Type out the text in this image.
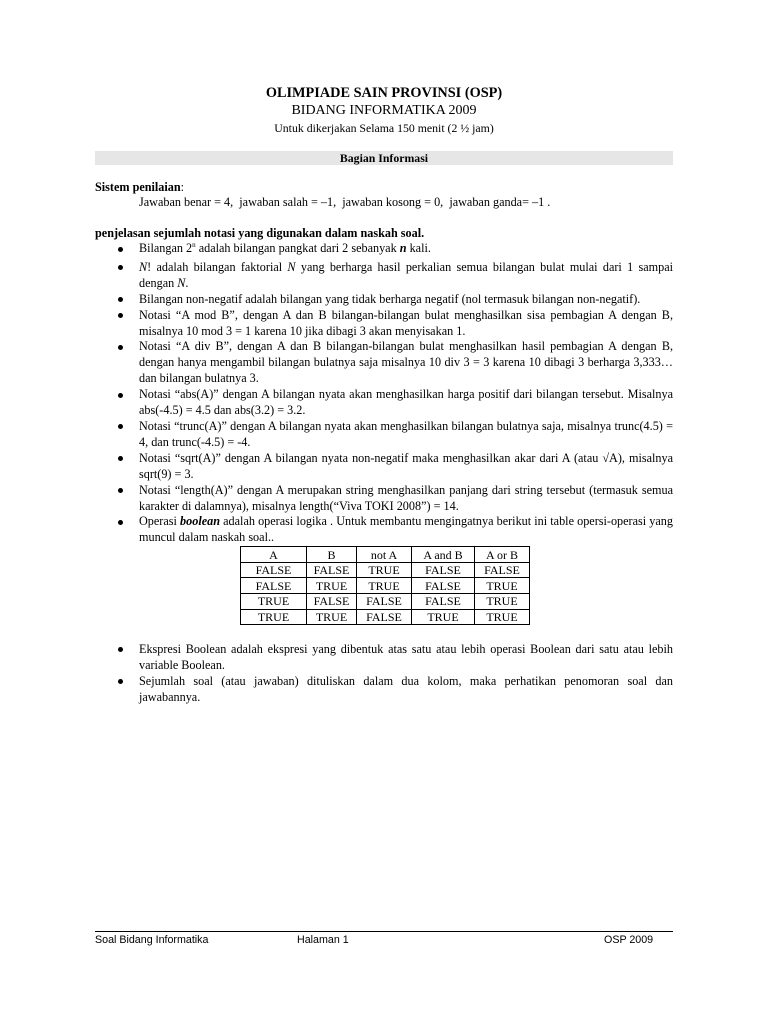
OLIMPIADE SAIN PROVINSI (OSP)
BIDANG INFORMATIKA 2009
Untuk dikerjakan Selama 150 menit (2 ½ jam)
Bagian Informasi
Sistem penilaian:
Jawaban benar = 4,  jawaban salah = –1,  jawaban kosong = 0,  jawaban ganda= –1 .
penjelasan sejumlah notasi yang digunakan dalam naskah soal.
Bilangan 2$^n$ adalah bilangan pangkat dari 2 sebanyak n kali.
N! adalah bilangan faktorial N yang berharga hasil perkalian semua bilangan bulat mulai dari 1 sampai dengan N.
Bilangan non-negatif adalah bilangan yang tidak berharga negatif (nol termasuk bilangan non-negatif).
Notasi “A mod B”, dengan A dan B bilangan-bilangan bulat menghasilkan sisa pembagian A dengan B, misalnya 10 mod 3 = 1 karena 10 jika dibagi 3 akan menyisakan 1.
Notasi “A div B”, dengan A dan B bilangan-bilangan bulat menghasilkan hasil pembagian A dengan B, dengan hanya mengambil bilangan bulatnya saja misalnya 10 div 3 = 3 karena 10 dibagi 3 berharga 3,333… dan bilangan bulatnya 3.
Notasi “abs(A)” dengan A bilangan nyata akan menghasilkan harga positif dari bilangan tersebut. Misalnya abs(-4.5) = 4.5 dan abs(3.2) = 3.2.
Notasi “trunc(A)” dengan A bilangan nyata akan menghasilkan bilangan bulatnya saja, misalnya trunc(4.5) = 4, dan trunc(-4.5) = -4.
Notasi “sqrt(A)” dengan A bilangan nyata non-negatif maka menghasilkan akar dari A (atau √A), misalnya sqrt(9) = 3.
Notasi “length(A)” dengan A merupakan string menghasilkan panjang dari string tersebut (termasuk semua karakter di dalamnya), misalnya length(“Viva TOKI 2008”) = 14.
Operasi boolean adalah operasi logika . Untuk membantu mengingatnya berikut ini table opersi-operasi yang muncul dalam naskah soal..
A	B	not A	A and B	A or B
FALSE	FALSE	TRUE	FALSE	FALSE
FALSE	TRUE	TRUE	FALSE	TRUE
TRUE	FALSE	FALSE	FALSE	TRUE
TRUE	TRUE	FALSE	TRUE	TRUE
Ekspresi Boolean adalah ekspresi yang dibentuk atas satu atau lebih operasi Boolean dari satu atau lebih variable Boolean.
Sejumlah soal (atau jawaban) dituliskan dalam dua kolom, maka perhatikan penomoran soal dan jawabannya.
Soal Bidang Informatika	Halaman 1	OSP 2009
